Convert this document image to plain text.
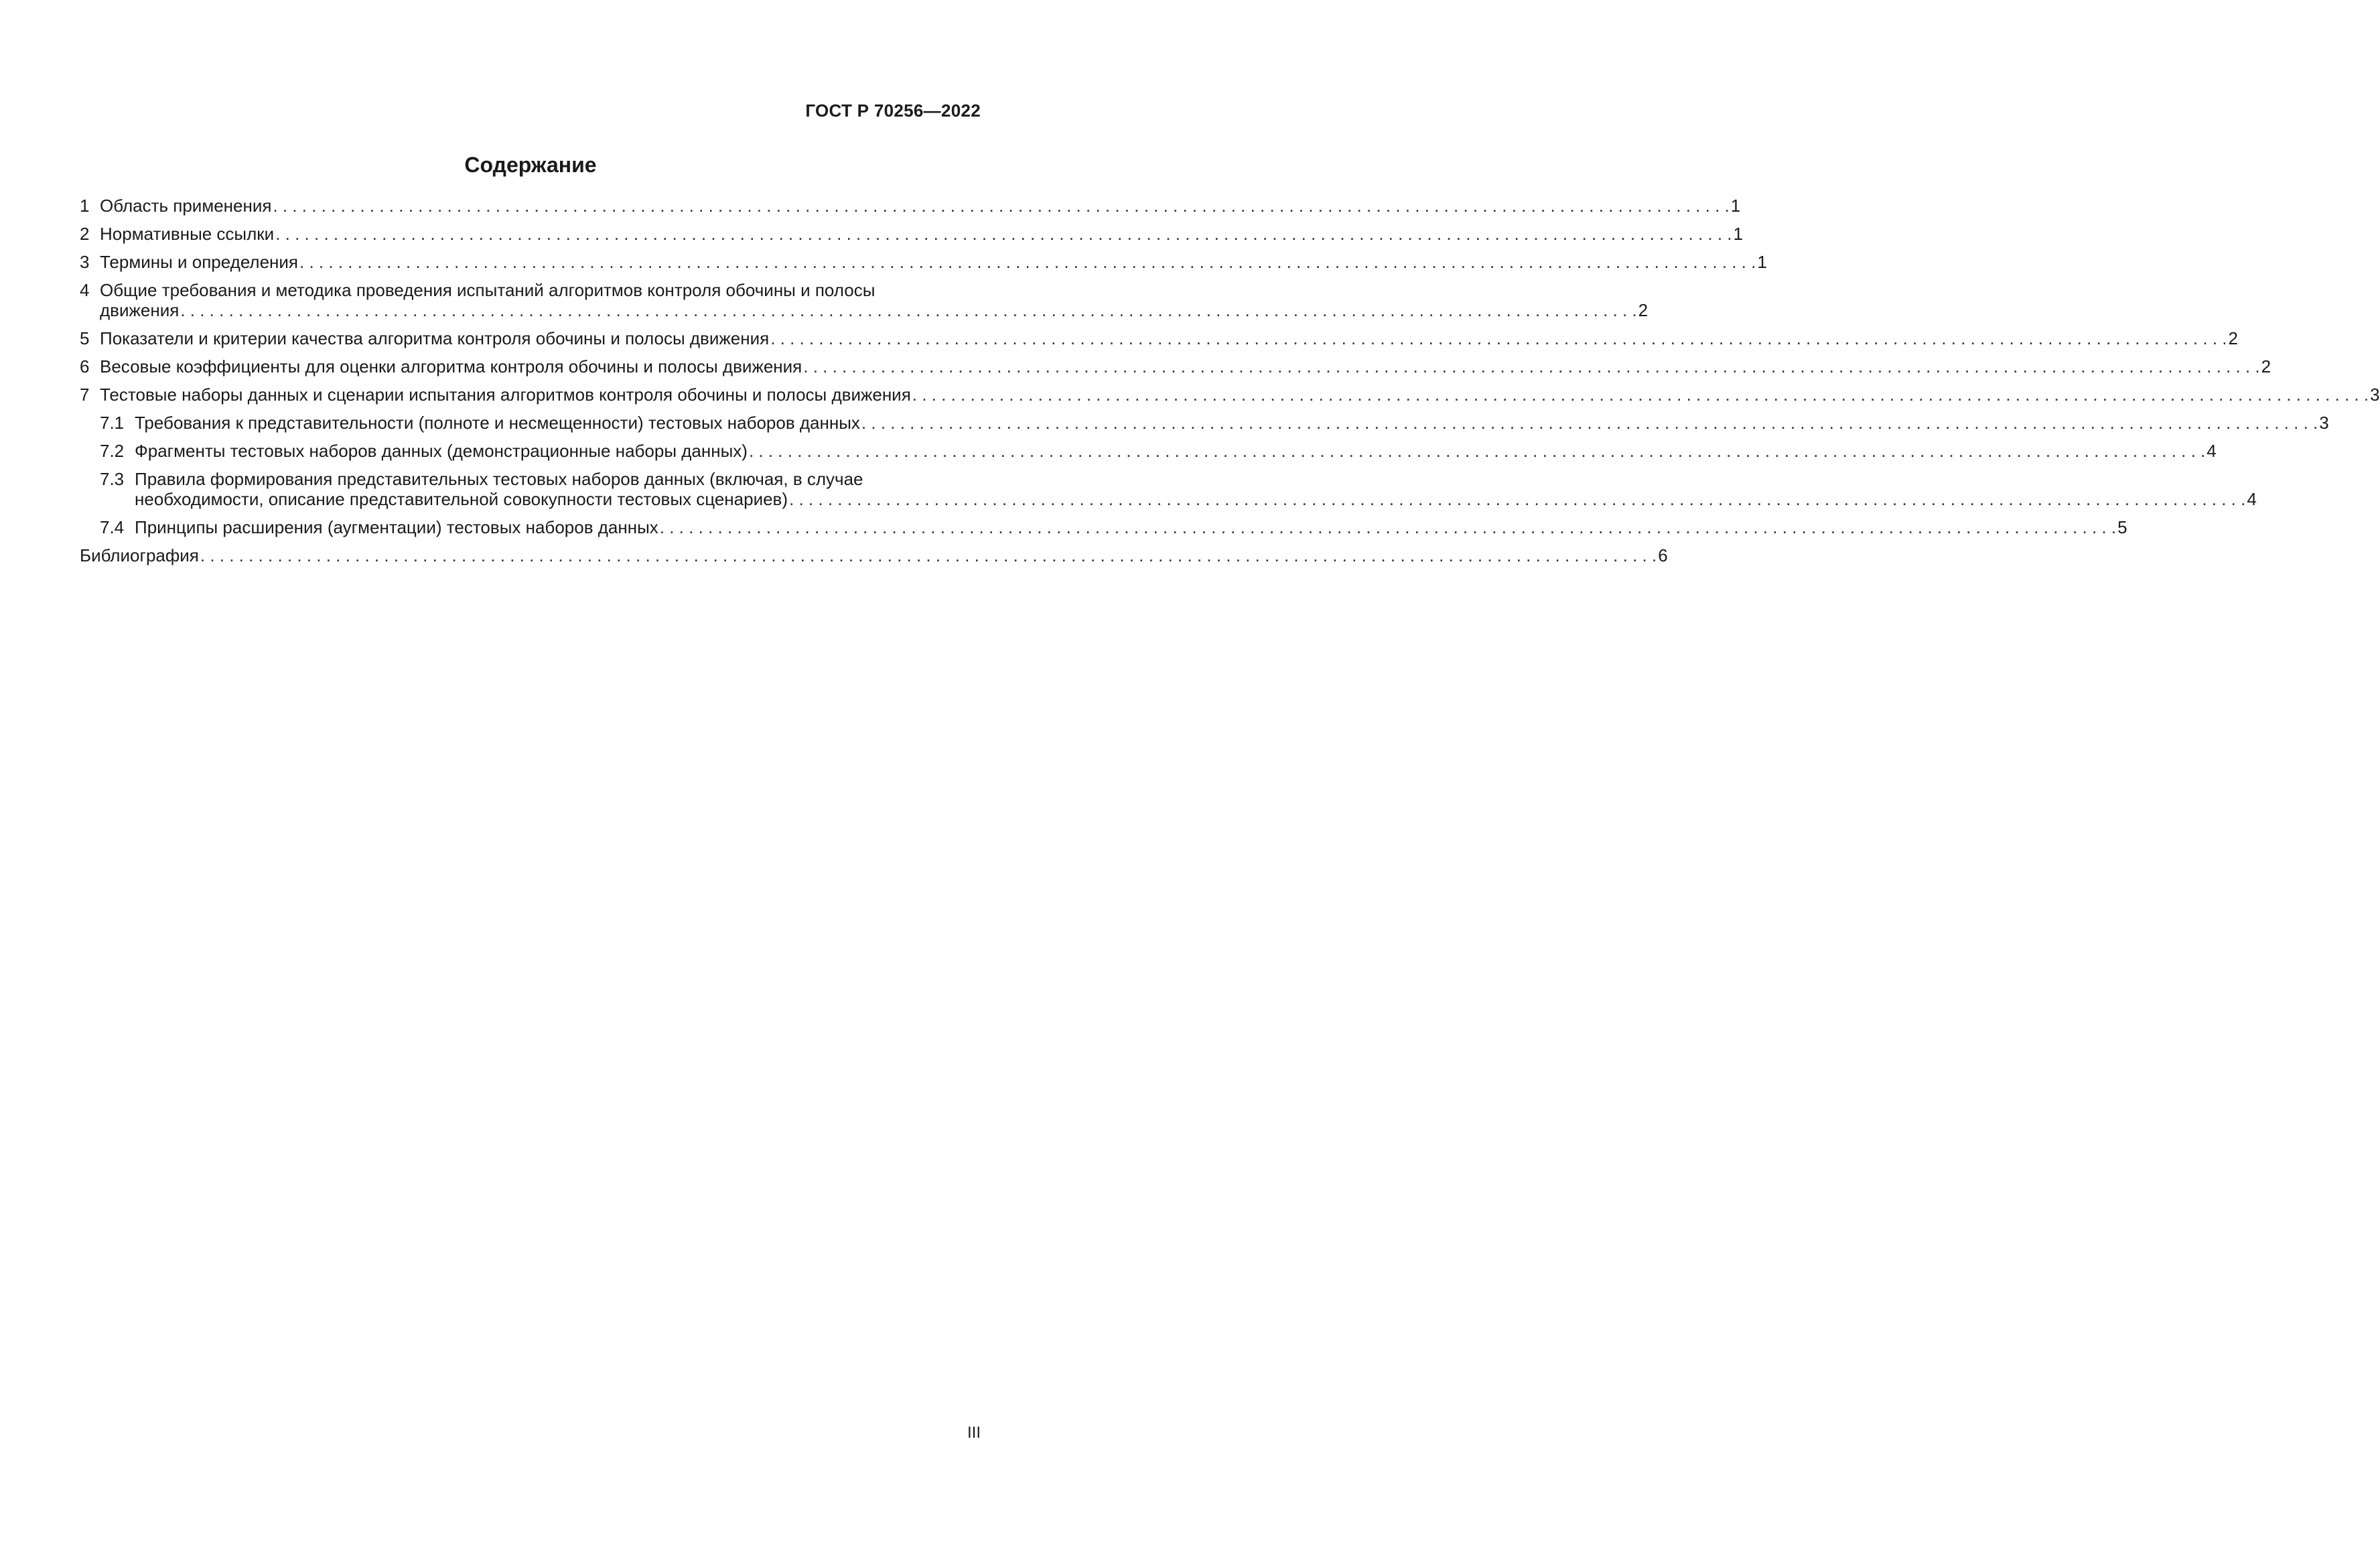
ГОСТ Р 70256—2022
Содержание
1 Область применения . . .	1
2 Нормативные ссылки . . .	1
3 Термины и определения . . .	1
4 Общие требования и методика проведения испытаний алгоритмов контроля обочины и полосы
движения . . .	2
5 Показатели и критерии качества алгоритма контроля обочины и полосы движения . . .	2
6 Весовые коэффициенты для оценки алгоритма контроля обочины и полосы движения . . .	2
7 Тестовые наборы данных и сценарии испытания алгоритмов контроля обочины и полосы движения . . .	3
7.1 Требования к представительности (полноте и несмещенности) тестовых наборов данных . . .	3
7.2 Фрагменты тестовых наборов данных (демонстрационные наборы данных) . . .	4
7.3 Правила формирования представительных тестовых наборов данных (включая, в случае
необходимости, описание представительной совокупности тестовых сценариев) . . .	4
7.4 Принципы расширения (аугментации) тестовых наборов данных . . .	5
Библиография . . .	6
III
